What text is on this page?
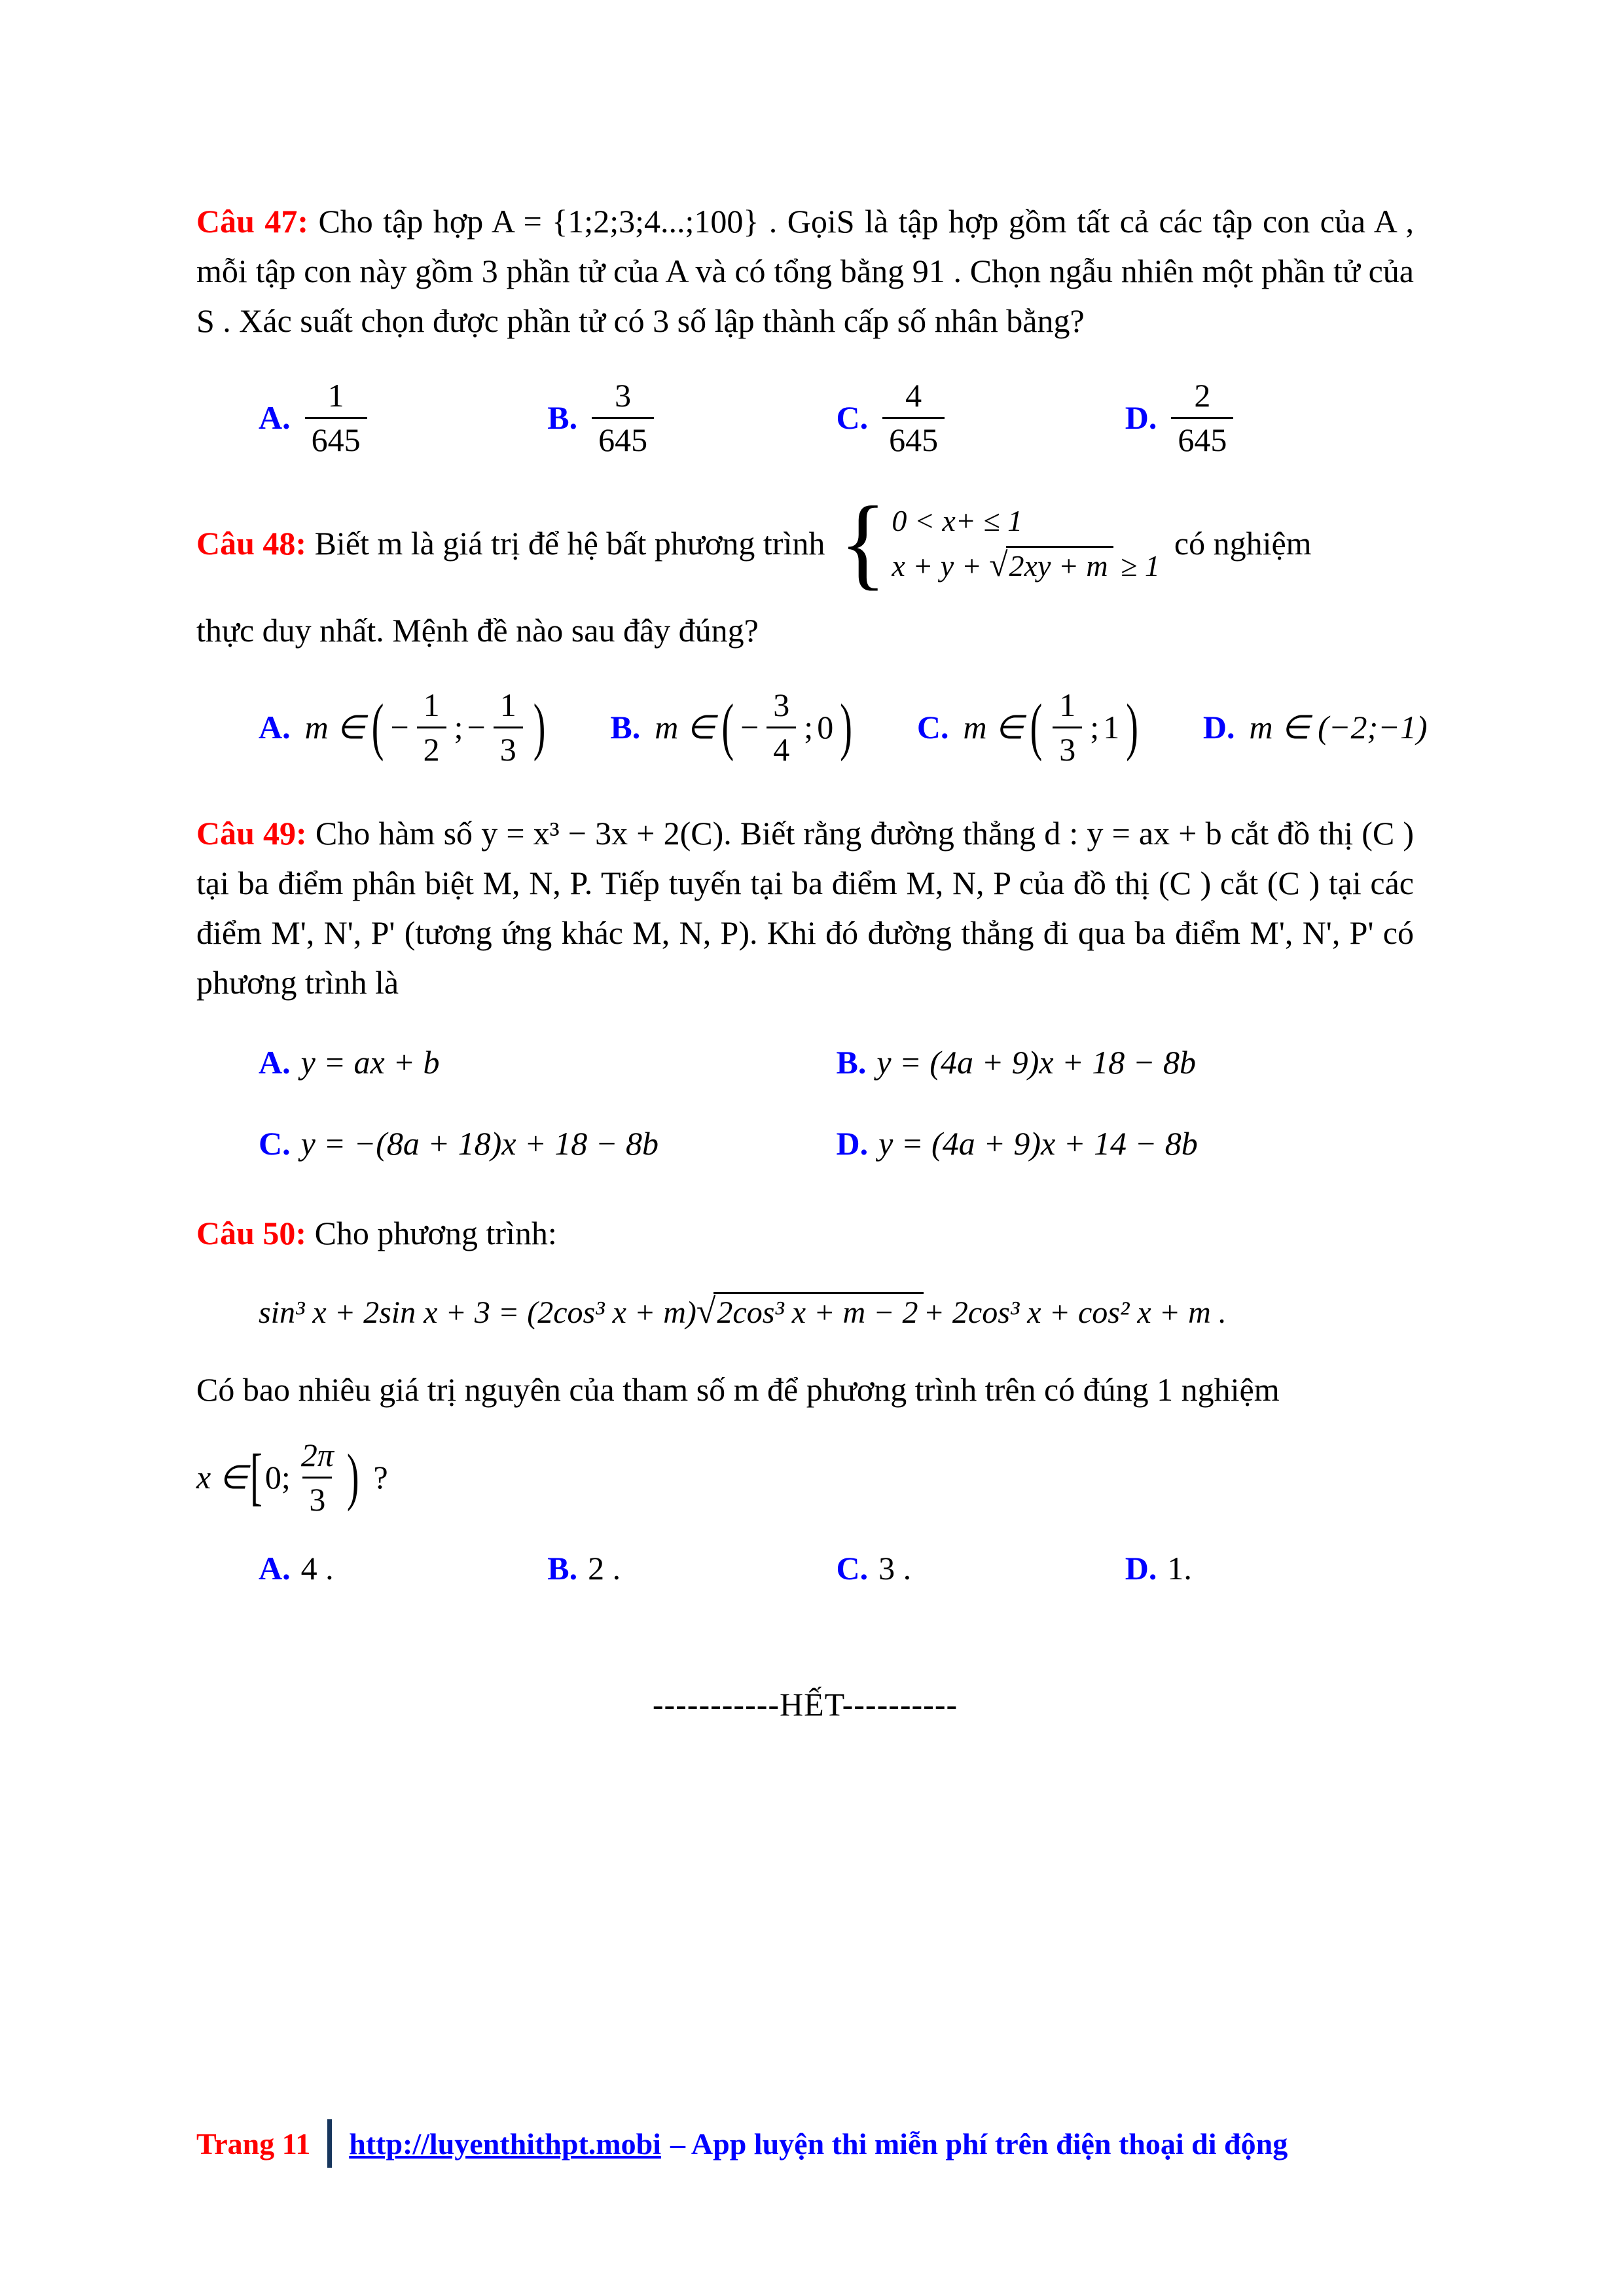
Câu 47: Cho tập hợp A = {1;2;3;4...;100} . GọiS là tập hợp gồm tất cả các tập con của A , mỗi tập con này gồm 3 phần tử của A và có tổng bằng 91 . Chọn ngẫu nhiên một phần tử của S . Xác suất chọn được phần tử có 3 số lập thành cấp số nhân bằng?
A. $\frac{1}{645}$	B. $\frac{3}{645}$	C. $\frac{4}{645}$	D. $\frac{2}{645}$
Câu 48: Biết m là giá trị để hệ bất phương trình { 0 < x+ ≤ 1
x + y + √ 2xy + m ≥ 1
có nghiệm
thực duy nhất. Mệnh đề nào sau đây đúng?
A. m ∈ ( − $\frac{1}{2}$ ; − $\frac{1}{3}$ ) B. m ∈ ( − $\frac{3}{4}$ ; 0 ) C. m ∈ ( $\frac{1}{3}$ ; 1 ) D. m ∈ (−2;−1)
Câu 49: Cho hàm số y = x³ − 3x + 2(C). Biết rằng đường thẳng d : y = ax + b cắt đồ thị (C ) tại ba điểm phân biệt M, N, P. Tiếp tuyến tại ba điểm M, N, P của đồ thị (C ) cắt (C ) tại các điểm M', N', P' (tương ứng khác M, N, P). Khi đó đường thẳng đi qua ba điểm M', N', P' có phương trình là
A. y = ax + b	B. y = (4a + 9)x + 18 − 8b
C. y = −(8a + 18)x + 18 − 8b	D. y = (4a + 9)x + 14 − 8b
Câu 50: Cho phương trình:
sin³ x + 2sin x + 3 = (2cos³ x + m) √ 2cos³ x + m − 2 + 2cos³ x + cos² x + m .
Có bao nhiêu giá trị nguyên của tham số m để phương trình trên có đúng 1 nghiệm
x ∈ [ 0; $\frac{2\pi}{3}$ ) ?
A. 4 .	B. 2 .	C. 3 .	D. 1.
-----------HẾT----------
Trang 11 http://luyenthithpt.mobi – App luyện thi miễn phí trên điện thoại di động
